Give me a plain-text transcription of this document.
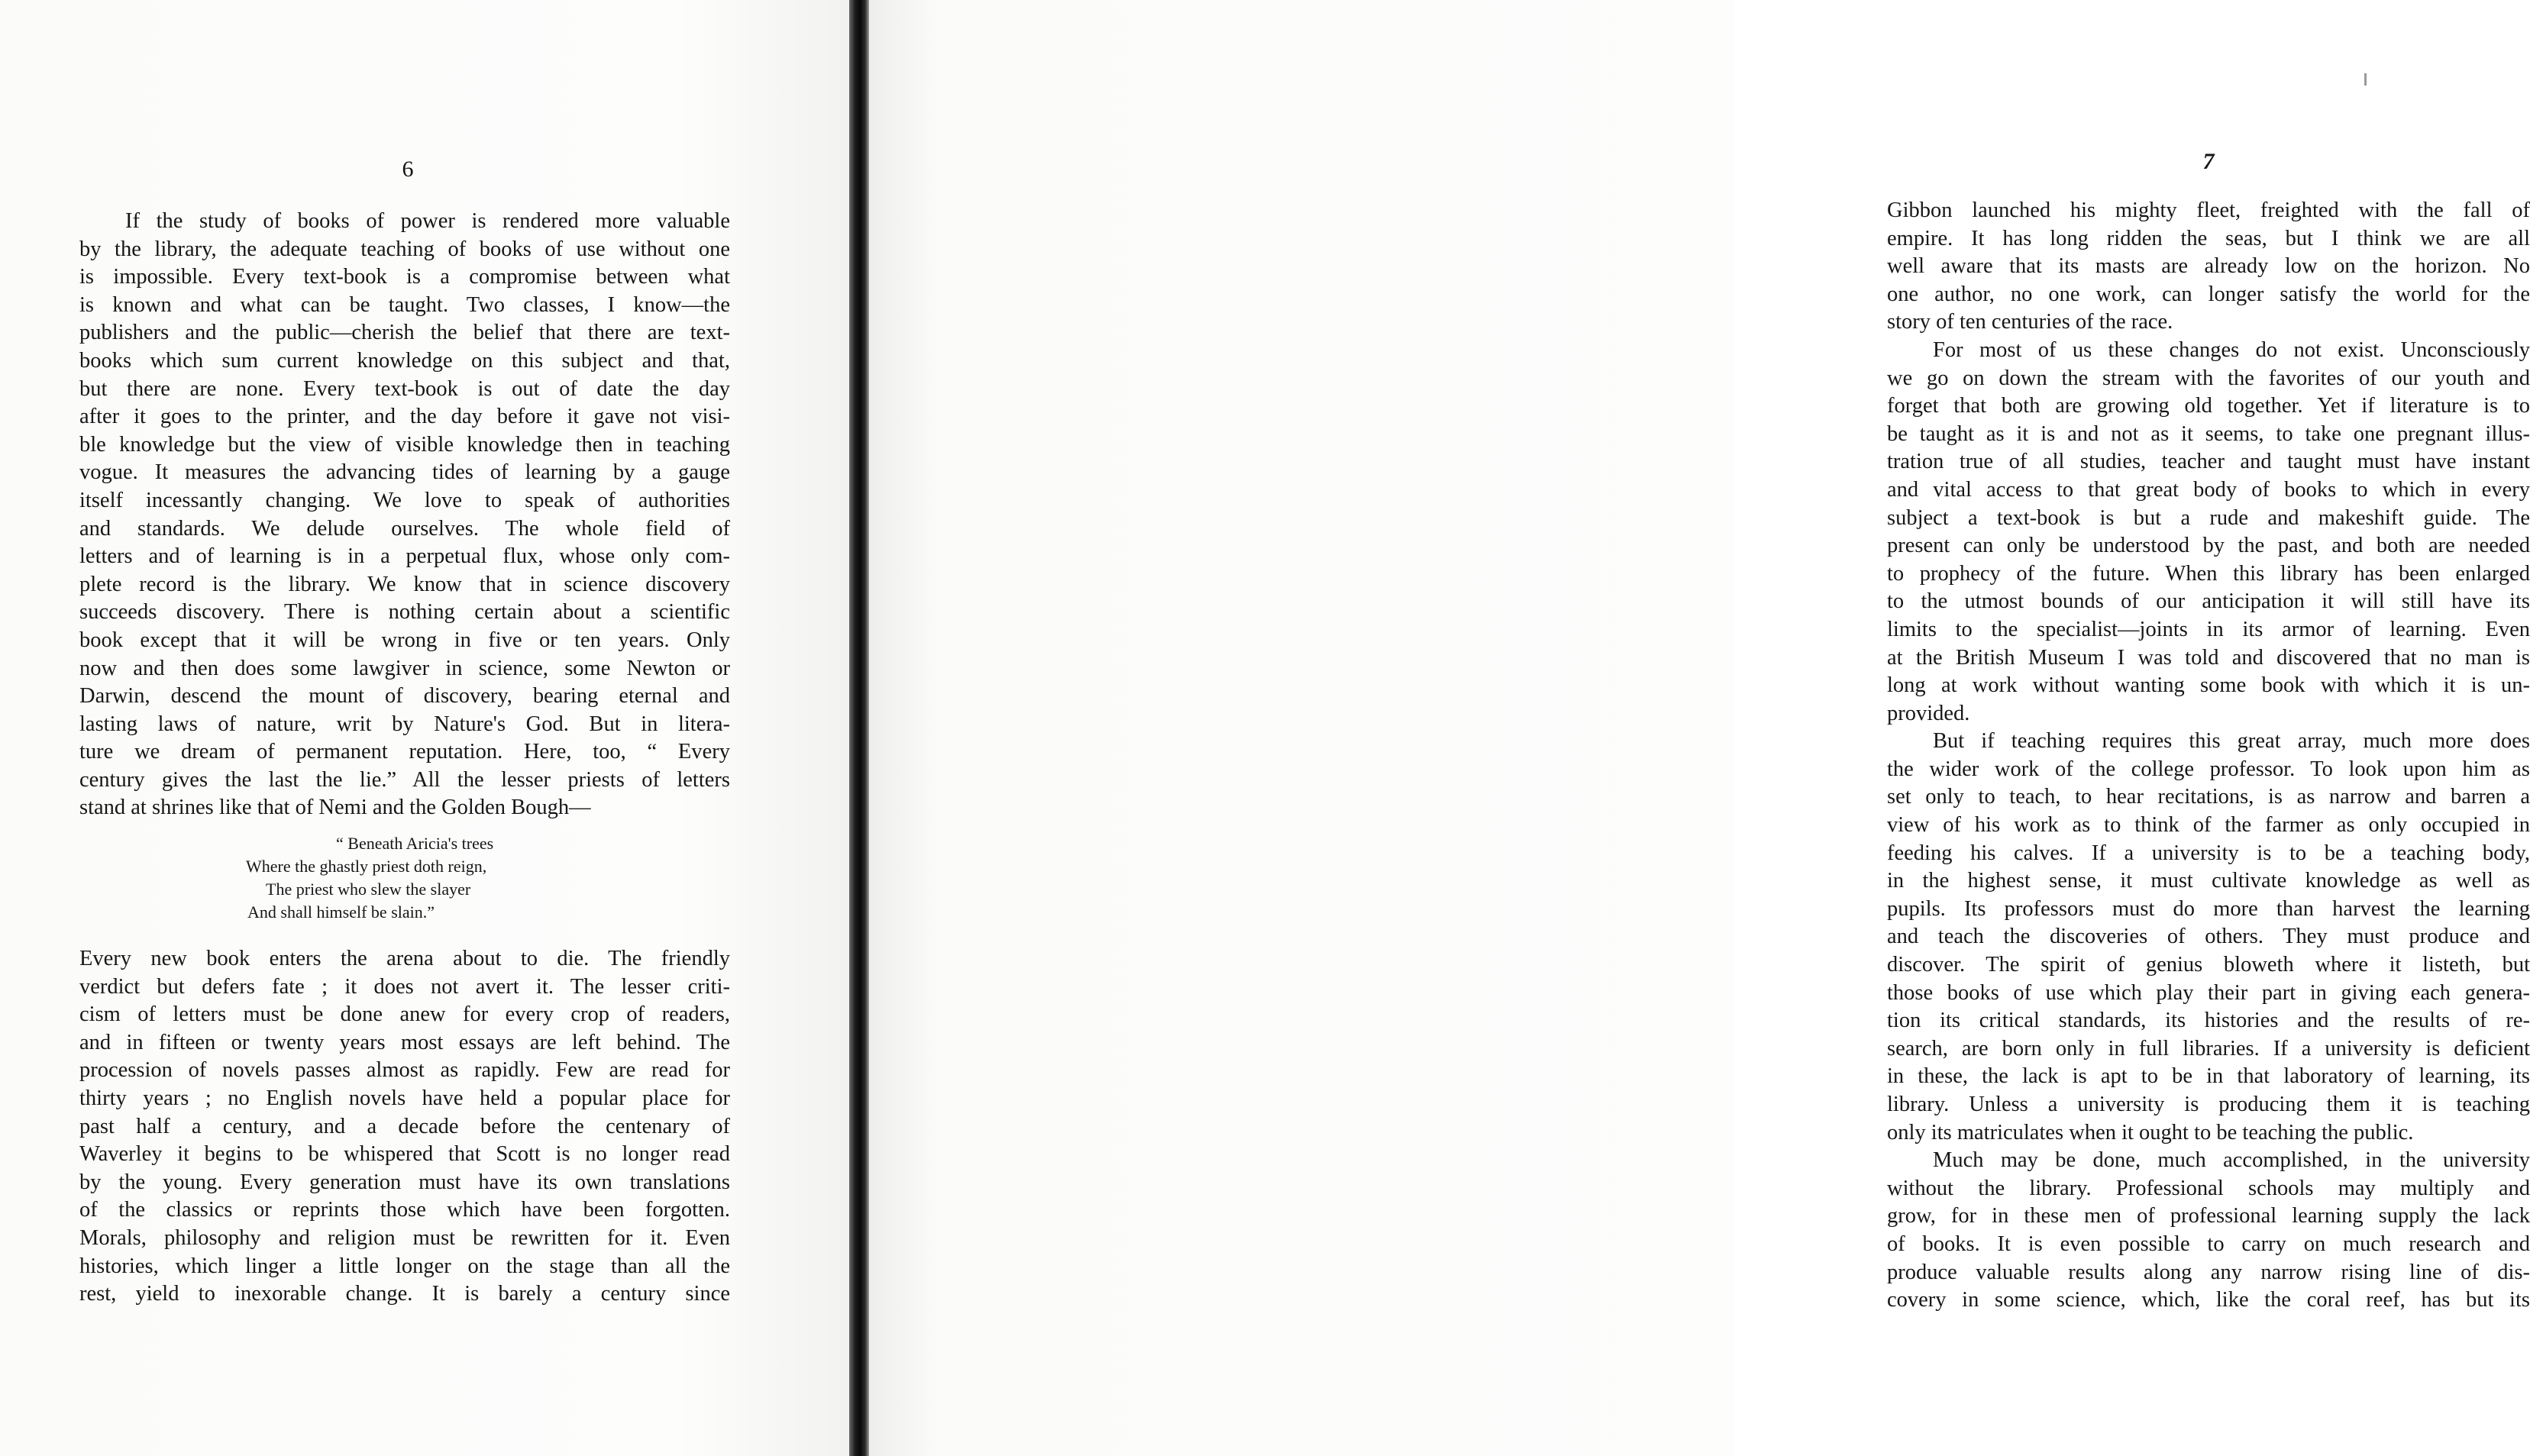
6
If the study of books of power is rendered more valuable
by the library, the adequate teaching of books of use without one
is impossible. Every text-book is a compromise between what
is known and what can be taught. Two classes, I know—the
publishers and the public—cherish the belief that there are text-
books which sum current knowledge on this subject and that,
but there are none. Every text-book is out of date the day
after it goes to the printer, and the day before it gave not visi-
ble knowledge but the view of visible knowledge then in teaching
vogue. It measures the advancing tides of learning by a gauge
itself incessantly changing. We love to speak of authorities
and standards. We delude ourselves. The whole field of
letters and of learning is in a perpetual flux, whose only com-
plete record is the library. We know that in science discovery
succeeds discovery. There is nothing certain about a scientific
book except that it will be wrong in five or ten years. Only
now and then does some lawgiver in science, some Newton or
Darwin, descend the mount of discovery, bearing eternal and
lasting laws of nature, writ by Nature's God. But in litera-
ture we dream of permanent reputation. Here, too, “ Every
century gives the last the lie.” All the lesser priests of letters
stand at shrines like that of Nemi and the Golden Bough—
“ Beneath Aricia's trees
Where the ghastly priest doth reign,
The priest who slew the slayer
And shall himself be slain.”
Every new book enters the arena about to die. The friendly
verdict but defers fate ; it does not avert it. The lesser criti-
cism of letters must be done anew for every crop of readers,
and in fifteen or twenty years most essays are left behind. The
procession of novels passes almost as rapidly. Few are read for
thirty years ; no English novels have held a popular place for
past half a century, and a decade before the centenary of
Waverley it begins to be whispered that Scott is no longer read
by the young. Every generation must have its own translations
of the classics or reprints those which have been forgotten.
Morals, philosophy and religion must be rewritten for it. Even
histories, which linger a little longer on the stage than all the
rest, yield to inexorable change. It is barely a century since
7
Gibbon launched his mighty fleet, freighted with the fall of
empire. It has long ridden the seas, but I think we are all
well aware that its masts are already low on the horizon. No
one author, no one work, can longer satisfy the world for the
story of ten centuries of the race.
For most of us these changes do not exist. Unconsciously
we go on down the stream with the favorites of our youth and
forget that both are growing old together. Yet if literature is to
be taught as it is and not as it seems, to take one pregnant illus-
tration true of all studies, teacher and taught must have instant
and vital access to that great body of books to which in every
subject a text-book is but a rude and makeshift guide. The
present can only be understood by the past, and both are needed
to prophecy of the future. When this library has been enlarged
to the utmost bounds of our anticipation it will still have its
limits to the specialist—joints in its armor of learning. Even
at the British Museum I was told and discovered that no man is
long at work without wanting some book with which it is un-
provided.
But if teaching requires this great array, much more does
the wider work of the college professor. To look upon him as
set only to teach, to hear recitations, is as narrow and barren a
view of his work as to think of the farmer as only occupied in
feeding his calves. If a university is to be a teaching body,
in the highest sense, it must cultivate knowledge as well as
pupils. Its professors must do more than harvest the learning
and teach the discoveries of others. They must produce and
discover. The spirit of genius bloweth where it listeth, but
those books of use which play their part in giving each genera-
tion its critical standards, its histories and the results of re-
search, are born only in full libraries. If a university is deficient
in these, the lack is apt to be in that laboratory of learning, its
library. Unless a university is producing them it is teaching
only its matriculates when it ought to be teaching the public.
Much may be done, much accomplished, in the university
without the library. Professional schools may multiply and
grow, for in these men of professional learning supply the lack
of books. It is even possible to carry on much research and
produce valuable results along any narrow rising line of dis-
covery in some science, which, like the coral reef, has but its
